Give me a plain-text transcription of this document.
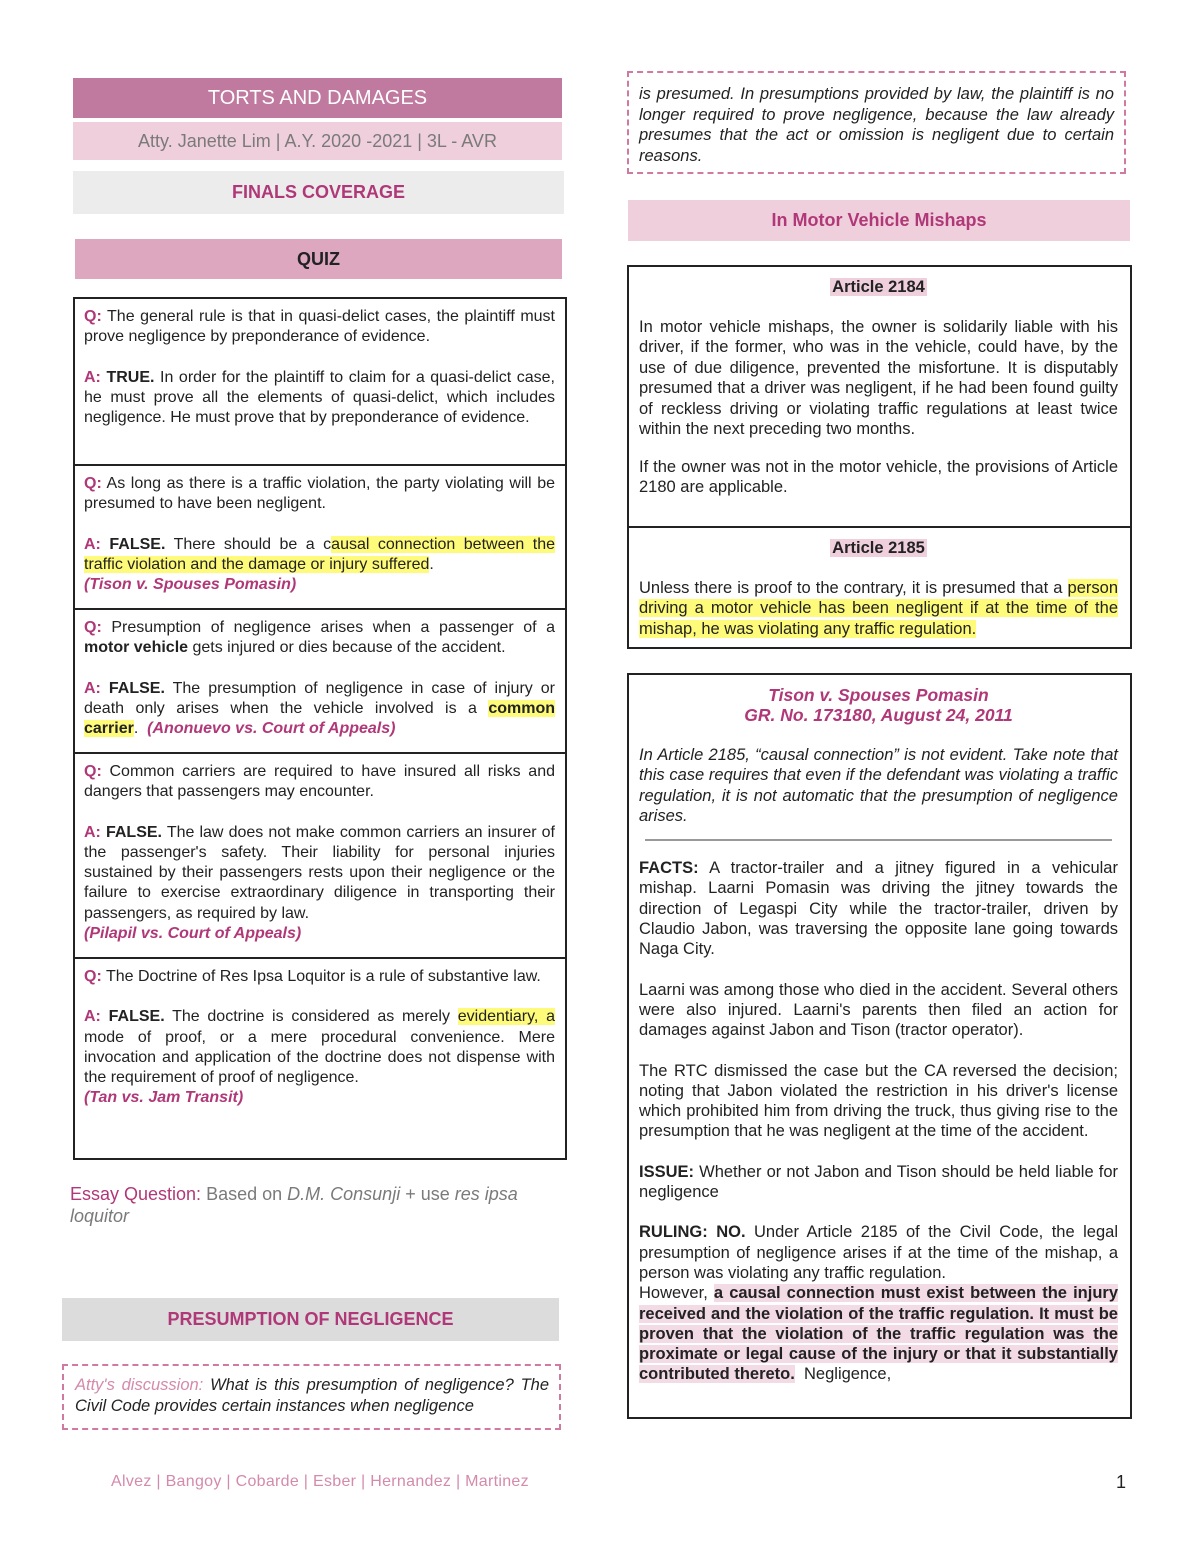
TORTS AND DAMAGES
Atty. Janette Lim | A.Y. 2020 -2021 | 3L - AVR
FINALS COVERAGE
QUIZ

Q: The general rule is that in quasi-delict cases, the plaintiff must prove negligence by preponderance of evidence.

A: TRUE. In order for the plaintiff to claim for a quasi-delict case, he must prove all the elements of quasi-delict, which includes negligence. He must prove that by preponderance of evidence.

Q: As long as there is a traffic violation, the party violating will be presumed to have been negligent.

A: FALSE. There should be a causal connection between the traffic violation and the damage or injury suffered.

(Tison v. Spouses Pomasin)

Q: Presumption of negligence arises when a passenger of a motor vehicle gets injured or dies because of the accident.

A: FALSE. The presumption of negligence in case of injury or death only arises when the vehicle involved is a common carrier. (Anonuevo vs. Court of Appeals)

Q: Common carriers are required to have insured all risks and dangers that passengers may encounter.

A: FALSE. The law does not make common carriers an insurer of the passenger's safety. Their liability for personal injuries sustained by their passengers rests upon their negligence or the failure to exercise extraordinary diligence in transporting their passengers, as required by law.

(Pilapil vs. Court of Appeals)

Q: The Doctrine of Res Ipsa Loquitor is a rule of substantive law.

A: FALSE. The doctrine is considered as merely evidentiary, a mode of proof, or a mere procedural convenience. Mere invocation and application of the doctrine does not dispense with the requirement of proof of negligence.

(Tan vs. Jam Transit)

Essay Question: Based on D.M. Consunji + use res ipsa loquitor
PRESUMPTION OF NEGLIGENCE
Atty's discussion: What is this presumption of negligence? The Civil Code provides certain instances when negligence
Alvez | Bangoy | Cobarde | Esber | Hernandez | Martinez	1
is presumed. In presumptions provided by law, the plaintiff is no longer required to prove negligence, because the law already presumes that the act or omission is negligent due to certain reasons.
In Motor Vehicle Mishaps
Article 2184

In motor vehicle mishaps, the owner is solidarily liable with his driver, if the former, who was in the vehicle, could have, by the use of due diligence, prevented the misfortune. It is disputably presumed that a driver was negligent, if he had been found guilty of reckless driving or violating traffic regulations at least twice within the next preceding two months.

If the owner was not in the motor vehicle, the provisions of Article 2180 are applicable.

Article 2185

Unless there is proof to the contrary, it is presumed that a person driving a motor vehicle has been negligent if at the time of the mishap, he was violating any traffic regulation.

Tison v. Spouses Pomasin
GR. No. 173180, August 24, 2011

In Article 2185, “causal connection” is not evident. Take note that this case requires that even if the defendant was violating a traffic regulation, it is not automatic that the presumption of negligence arises.

FACTS: A tractor-trailer and a jitney figured in a vehicular mishap. Laarni Pomasin was driving the jitney towards the direction of Legaspi City while the tractor-trailer, driven by Claudio Jabon, was traversing the opposite lane going towards Naga City.

Laarni was among those who died in the accident. Several others were also injured. Laarni's parents then filed an action for damages against Jabon and Tison (tractor operator).

The RTC dismissed the case but the CA reversed the decision; noting that Jabon violated the restriction in his driver's license which prohibited him from driving the truck, thus giving rise to the presumption that he was negligent at the time of the accident.

ISSUE: Whether or not Jabon and Tison should be held liable for negligence

RULING: NO. Under Article 2185 of the Civil Code, the legal presumption of negligence arises if at the time of the mishap, a person was violating any traffic regulation.

However, a causal connection must exist between the injury received and the violation of the traffic regulation. It must be proven that the violation of the traffic regulation was the proximate or legal cause of the injury or that it substantially contributed thereto. Negligence,
